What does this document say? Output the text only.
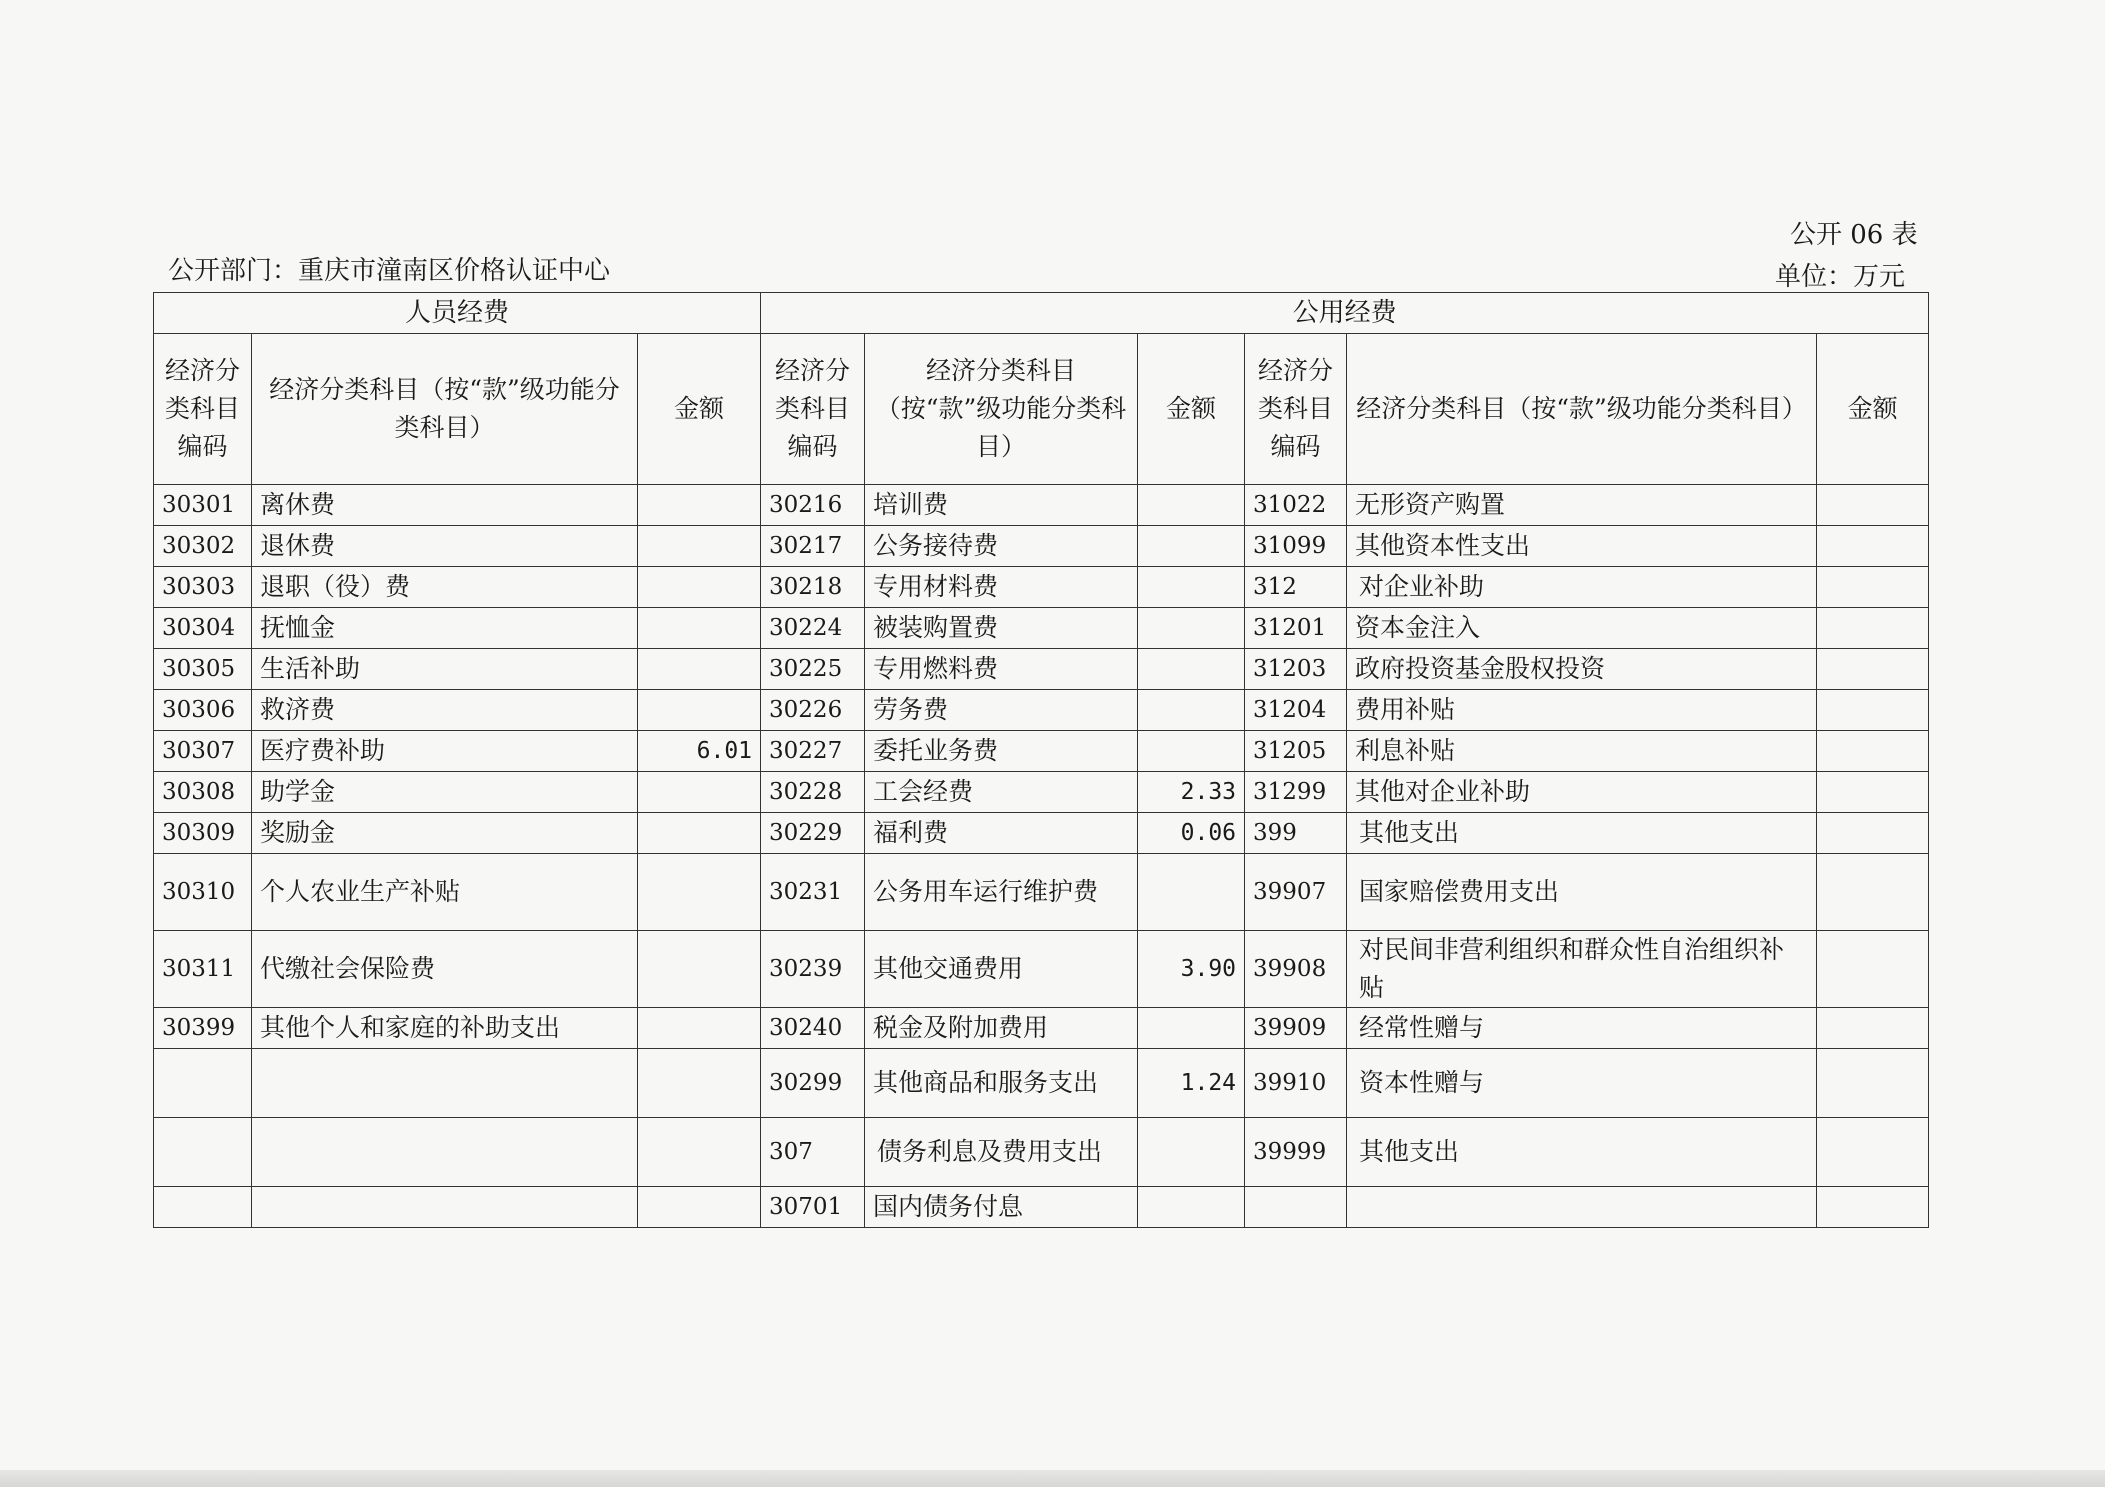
公开 06 表
公开部门：重庆市潼南区价格认证中心	单位：万元
人员经费			公用经费					
经济分类科目编码	经济分类科目（按“款”级功能分类科目）	金额	经济分类科目编码	经济分类科目（按“款”级功能分类科目）	金额	经济分类科目编码	经济分类科目（按“款”级功能分类科目）	金额
30301	离休费		30216	培训费		31022	无形资产购置	
30302	退休费		30217	公务接待费		31099	其他资本性支出	
30303	退职（役）费		30218	专用材料费		312	对企业补助	
30304	抚恤金		30224	被装购置费		31201	资本金注入	
30305	生活补助		30225	专用燃料费		31203	政府投资基金股权投资	
30306	救济费		30226	劳务费		31204	费用补贴	
30307	医疗费补助	6.01	30227	委托业务费		31205	利息补贴	
30308	助学金		30228	工会经费	2.33	31299	其他对企业补助	
30309	奖励金		30229	福利费	0.06	399	其他支出	
30310	个人农业生产补贴		30231	公务用车运行维护费		39907	国家赔偿费用支出	
30311	代缴社会保险费		30239	其他交通费用	3.90	39908	对民间非营利组织和群众性自治组织补贴	
30399	其他个人和家庭的补助支出		30240	税金及附加费用		39909	经常性赠与	
			30299	其他商品和服务支出	1.24	39910	资本性赠与	
			307	债务利息及费用支出		39999	其他支出	
			30701	国内债务付息				
